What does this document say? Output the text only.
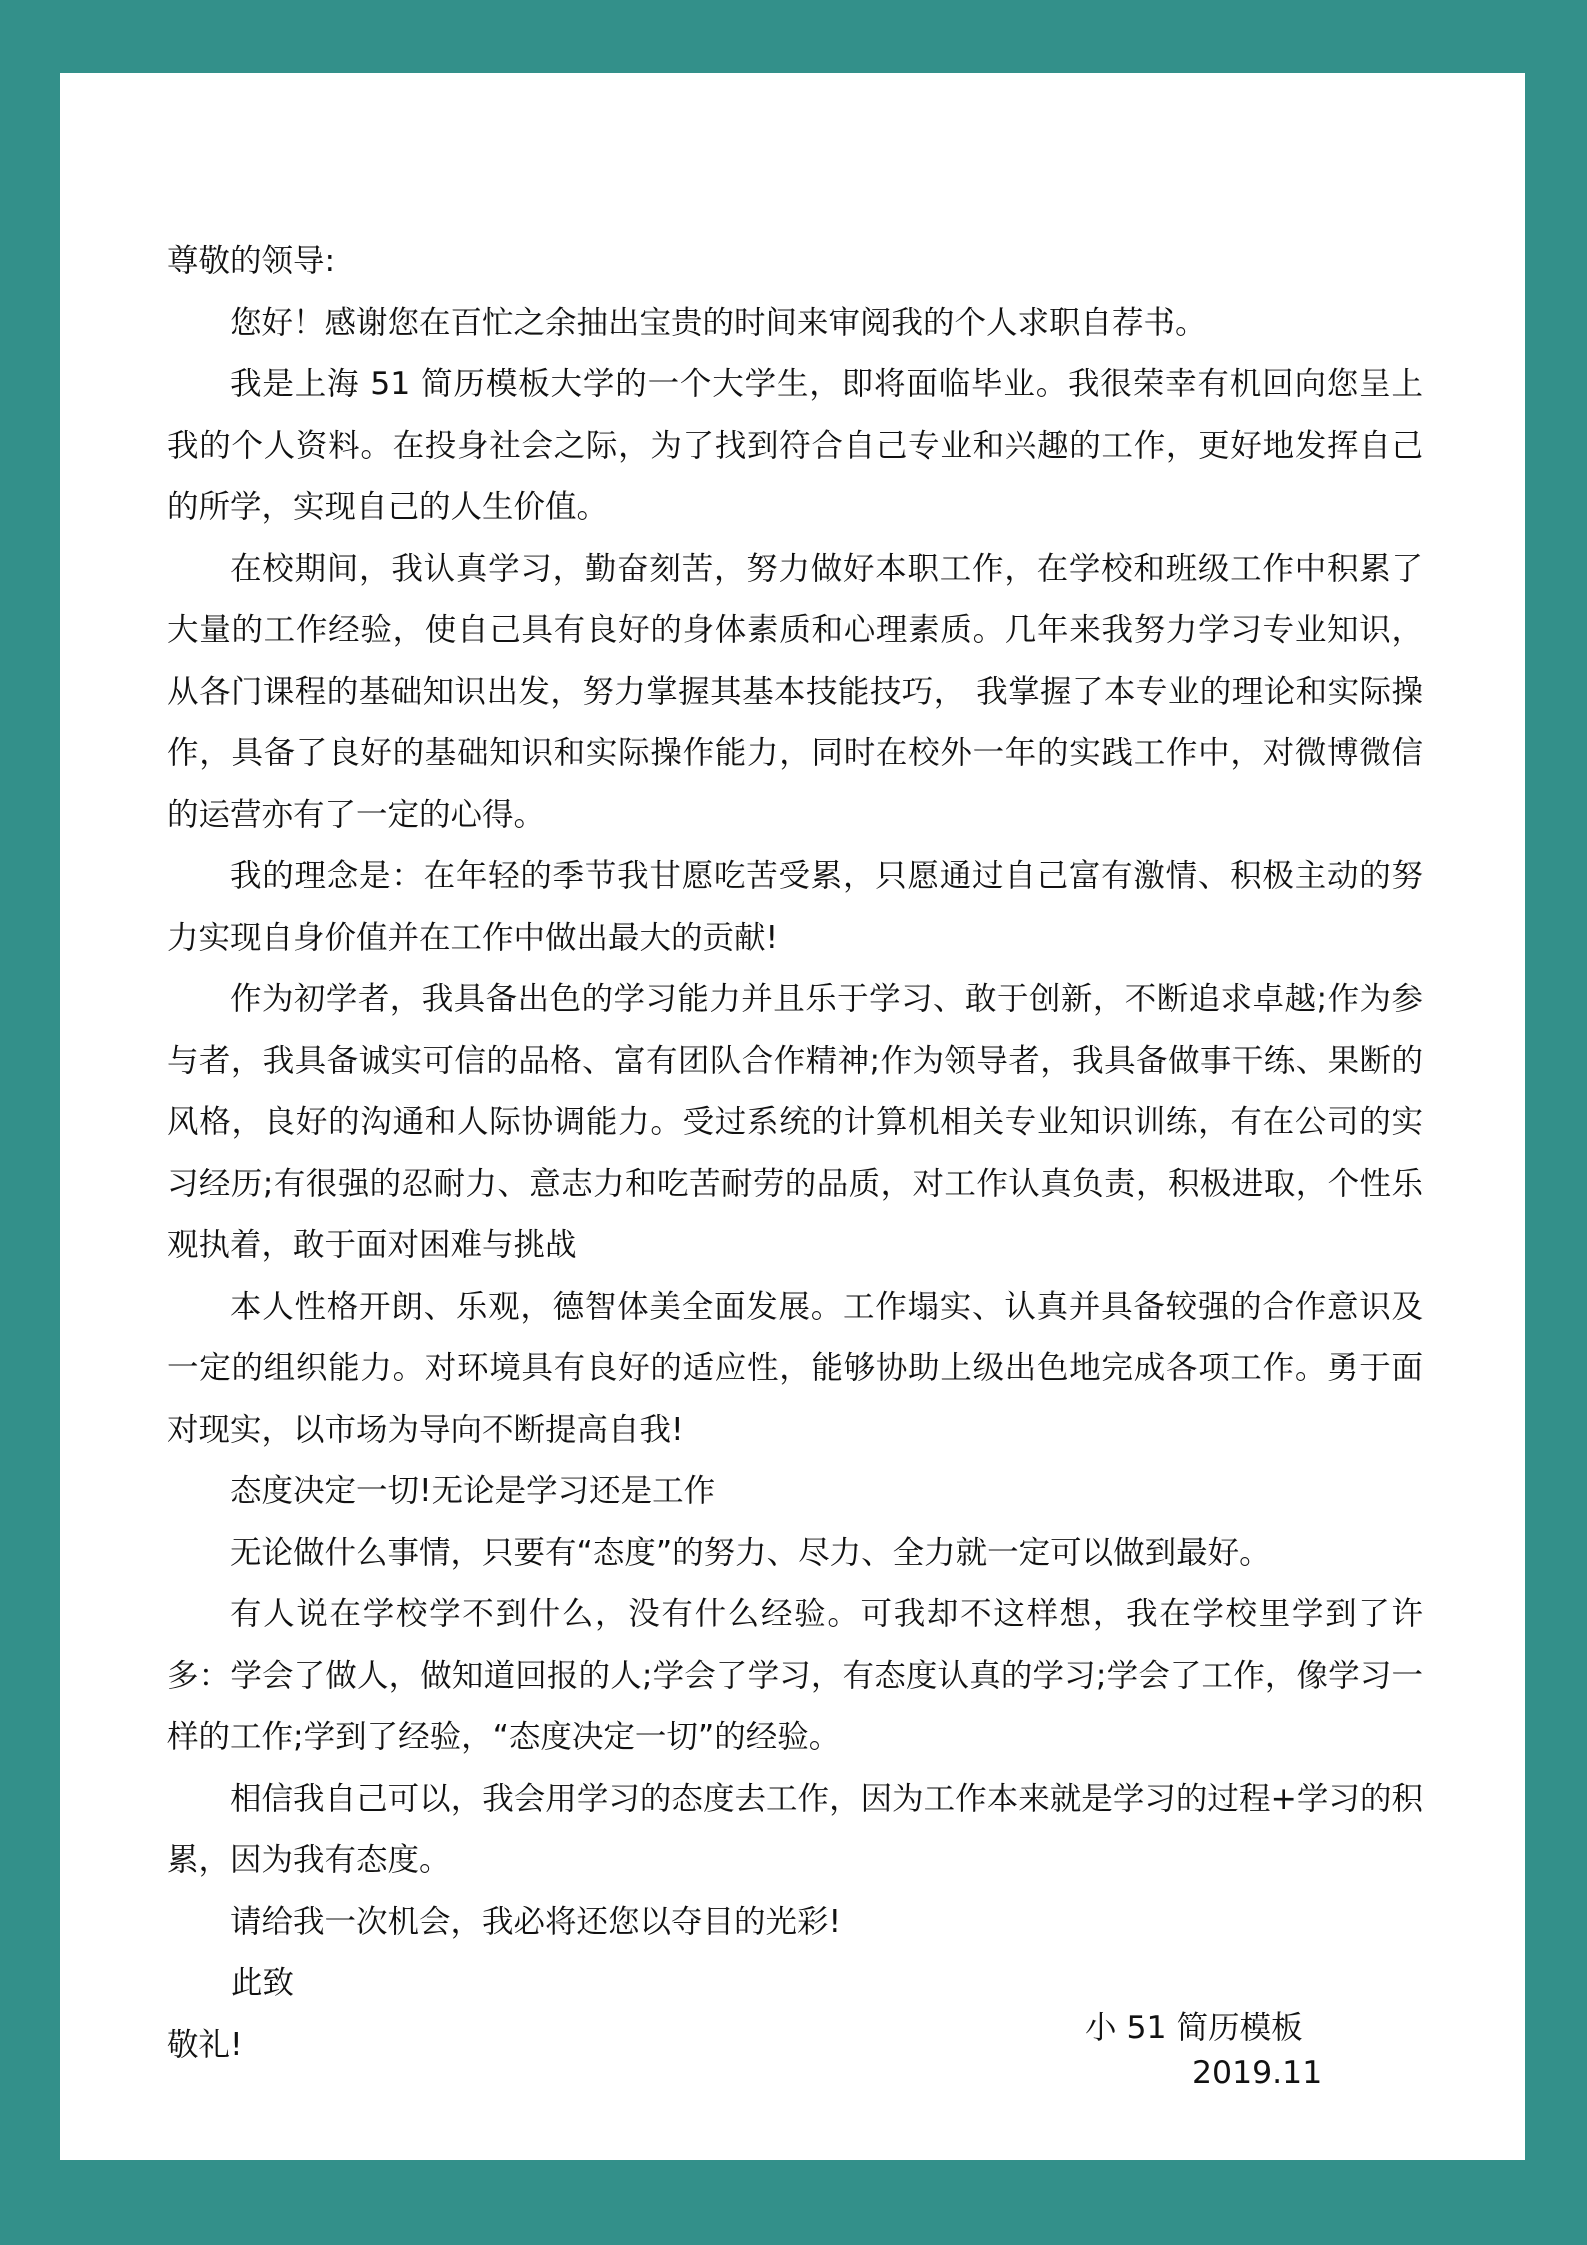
尊敬的领导:
您好！感谢您在百忙之余抽出宝贵的时间来审阅我的个人求职自荐书。
我是上海 51 简历模板大学的一个大学生，即将面临毕业。我很荣幸有机回向您呈上我的个人资料。在投身社会之际，为了找到符合自己专业和兴趣的工作，更好地发挥自己的所学，实现自己的人生价值。
在校期间，我认真学习，勤奋刻苦，努力做好本职工作，在学校和班级工作中积累了大量的工作经验，使自己具有良好的身体素质和心理素质。几年来我努力学习专业知识，从各门课程的基础知识出发，努力掌握其基本技能技巧， 我掌握了本专业的理论和实际操作，具备了良好的基础知识和实际操作能力，同时在校外一年的实践工作中，对微博微信的运营亦有了一定的心得。
我的理念是：在年轻的季节我甘愿吃苦受累，只愿通过自己富有激情、积极主动的努力实现自身价值并在工作中做出最大的贡献!
作为初学者，我具备出色的学习能力并且乐于学习、敢于创新，不断追求卓越;作为参与者，我具备诚实可信的品格、富有团队合作精神;作为领导者，我具备做事干练、果断的风格，良好的沟通和人际协调能力。受过系统的计算机相关专业知识训练，有在公司的实习经历;有很强的忍耐力、意志力和吃苦耐劳的品质，对工作认真负责，积极进取，个性乐观执着，敢于面对困难与挑战
本人性格开朗、乐观，德智体美全面发展。工作塌实、认真并具备较强的合作意识及一定的组织能力。对环境具有良好的适应性，能够协助上级出色地完成各项工作。勇于面对现实，以市场为导向不断提高自我!
态度决定一切!无论是学习还是工作
无论做什么事情，只要有“态度”的努力、尽力、全力就一定可以做到最好。
有人说在学校学不到什么，没有什么经验。可我却不这样想，我在学校里学到了许多：学会了做人，做知道回报的人;学会了学习，有态度认真的学习;学会了工作，像学习一样的工作;学到了经验，“态度决定一切”的经验。
相信我自己可以，我会用学习的态度去工作，因为工作本来就是学习的过程+学习的积累，因为我有态度。
请给我一次机会，我必将还您以夺目的光彩!
此致
敬礼!	小 51 简历模板
2019.11
